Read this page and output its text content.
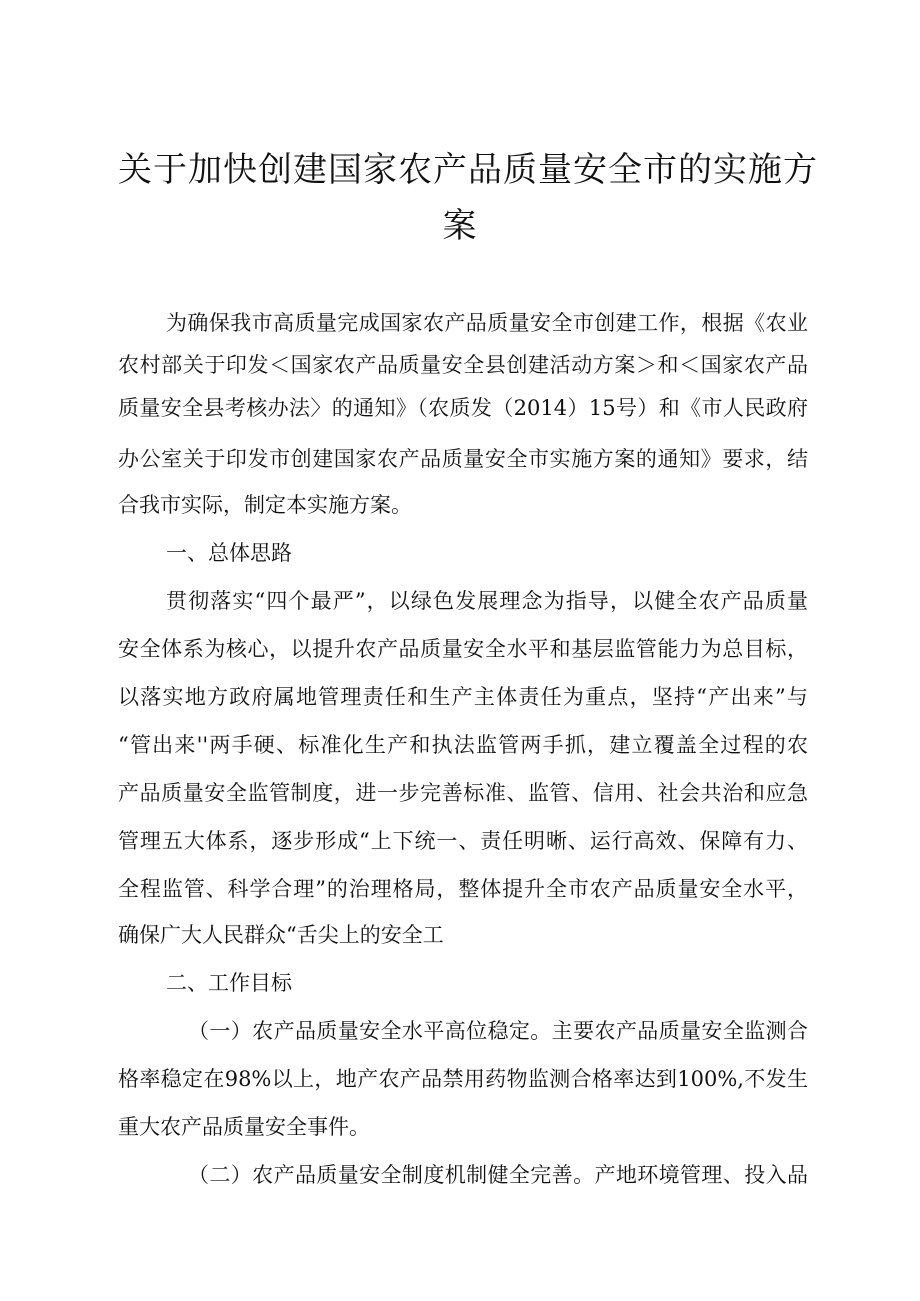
关于加快创建国家农产品质量安全市的实施方
案
为确保我市高质量完成国家农产品质量安全市创建工作，根据《农业
农村部关于印发＜国家农产品质量安全县创建活动方案＞和＜国家农产品
质量安全县考核办法〉的通知》（农质发（2014）15号）和《市人民政府
办公室关于印发市创建国家农产品质量安全市实施方案的通知》要求，结
合我市实际，制定本实施方案。
一、总体思路
贯彻落实“四个最严”，以绿色发展理念为指导，以健全农产品质量
安全体系为核心，以提升农产品质量安全水平和基层监管能力为总目标，
以落实地方政府属地管理责任和生产主体责任为重点，坚持“产出来”与
“管出来''两手硬、标准化生产和执法监管两手抓，建立覆盖全过程的农
产品质量安全监管制度，进一步完善标准、监管、信用、社会共治和应急
管理五大体系，逐步形成“上下统一、责任明晰、运行高效、保障有力、
全程监管、科学合理”的治理格局，整体提升全市农产品质量安全水平，
确保广大人民群众“舌尖上的安全工
二、工作目标
（一）农产品质量安全水平高位稳定。主要农产品质量安全监测合
格率稳定在98%以上，地产农产品禁用药物监测合格率达到100%,不发生
重大农产品质量安全事件。
（二）农产品质量安全制度机制健全完善。产地环境管理、投入品
